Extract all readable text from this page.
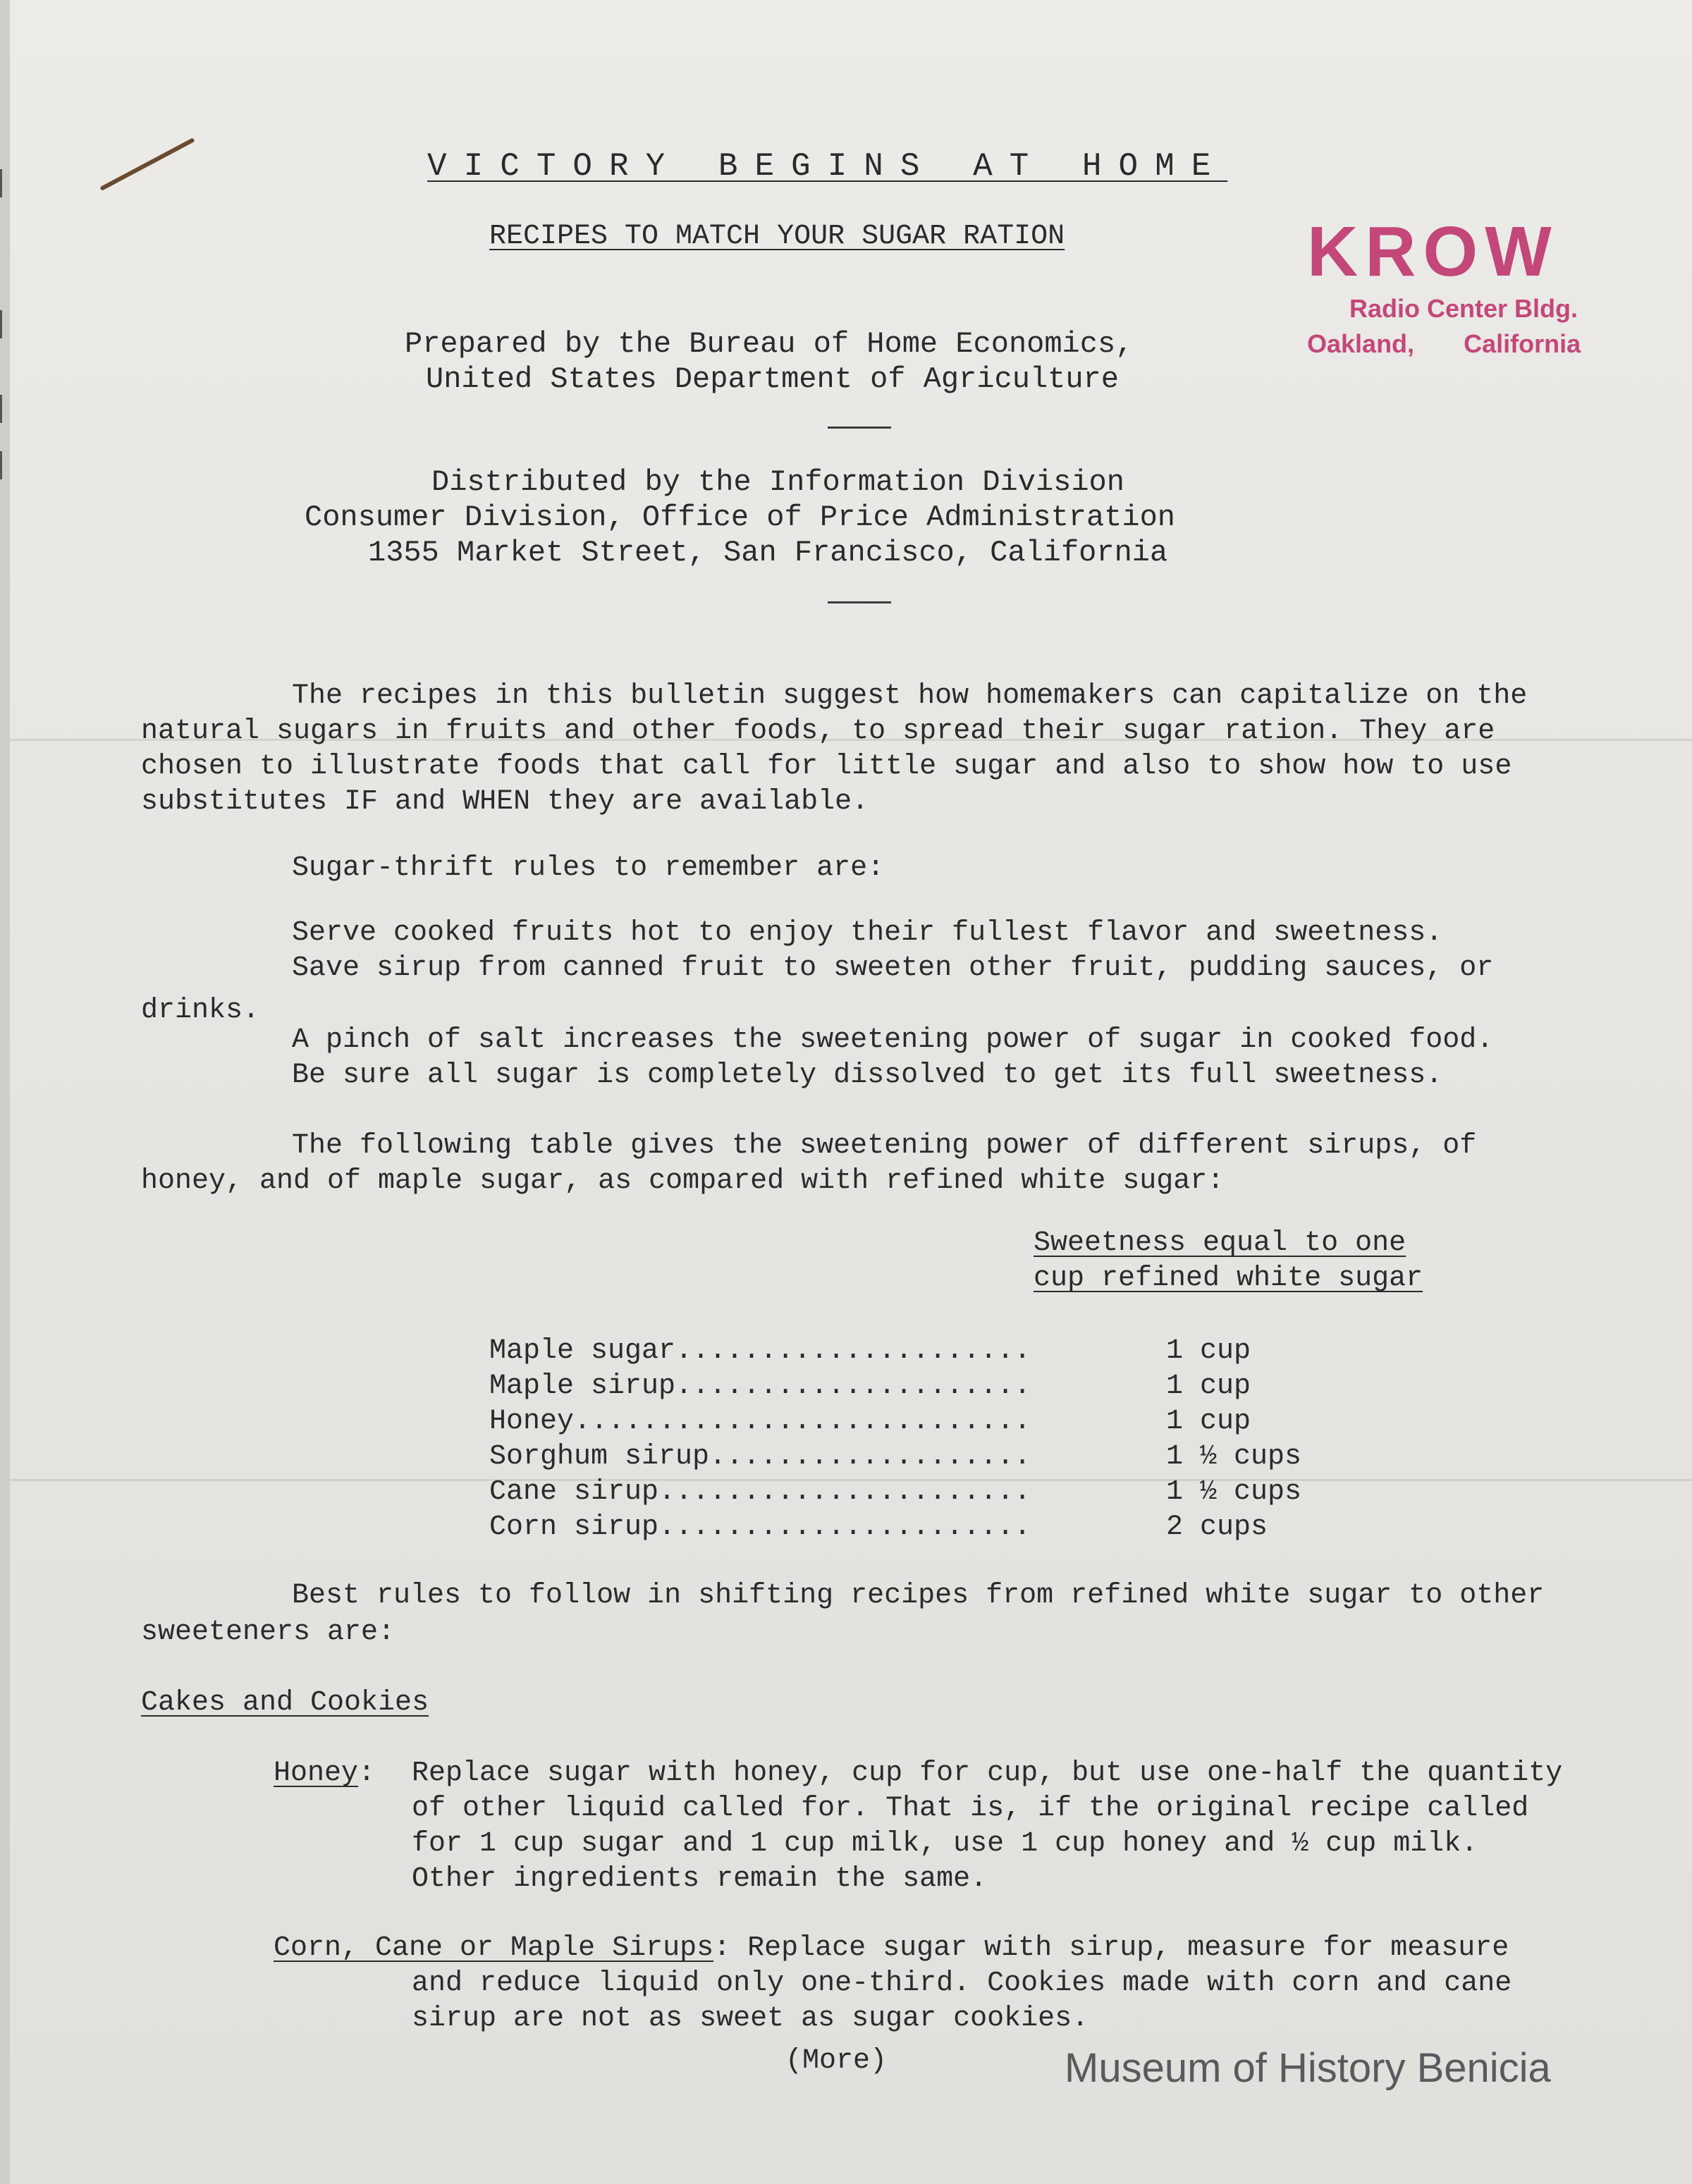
VICTORY BEGINS AT HOME
RECIPES TO MATCH YOUR SUGAR RATION	KROW
Radio Center Bldg.
Oakland, California
Prepared by the Bureau of Home Economics,
United States Department of Agriculture
Distributed by the Information Division
Consumer Division, Office of Price Administration
1355 Market Street, San Francisco, California
The recipes in this bulletin suggest how homemakers can capitalize on the
natural sugars in fruits and other foods, to spread their sugar ration. They are
chosen to illustrate foods that call for little sugar and also to show how to use
substitutes IF and WHEN they are available.
Sugar-thrift rules to remember are:
Serve cooked fruits hot to enjoy their fullest flavor and sweetness.
Save sirup from canned fruit to sweeten other fruit, pudding sauces, or
drinks.
A pinch of salt increases the sweetening power of sugar in cooked food.
Be sure all sugar is completely dissolved to get its full sweetness.
The following table gives the sweetening power of different sirups, of
honey, and of maple sugar, as compared with refined white sugar:
Sweetness equal to one
cup refined white sugar
Maple sugar.....................	1 cup
Maple sirup.....................	1 cup
Honey...........................	1 cup
Sorghum sirup...................	1 ½ cups
Cane sirup......................	1 ½ cups
Corn sirup......................	2 cups
Best rules to follow in shifting recipes from refined white sugar to other
sweeteners are:
Cakes and Cookies
Honey: Replace sugar with honey, cup for cup, but use one-half the quantity
of other liquid called for. That is, if the original recipe called
for 1 cup sugar and 1 cup milk, use 1 cup honey and ½ cup milk.
Other ingredients remain the same.
Corn, Cane or Maple Sirups: Replace sugar with sirup, measure for measure
and reduce liquid only one-third. Cookies made with corn and cane
sirup are not as sweet as sugar cookies.
(More)	Museum of History Benicia
